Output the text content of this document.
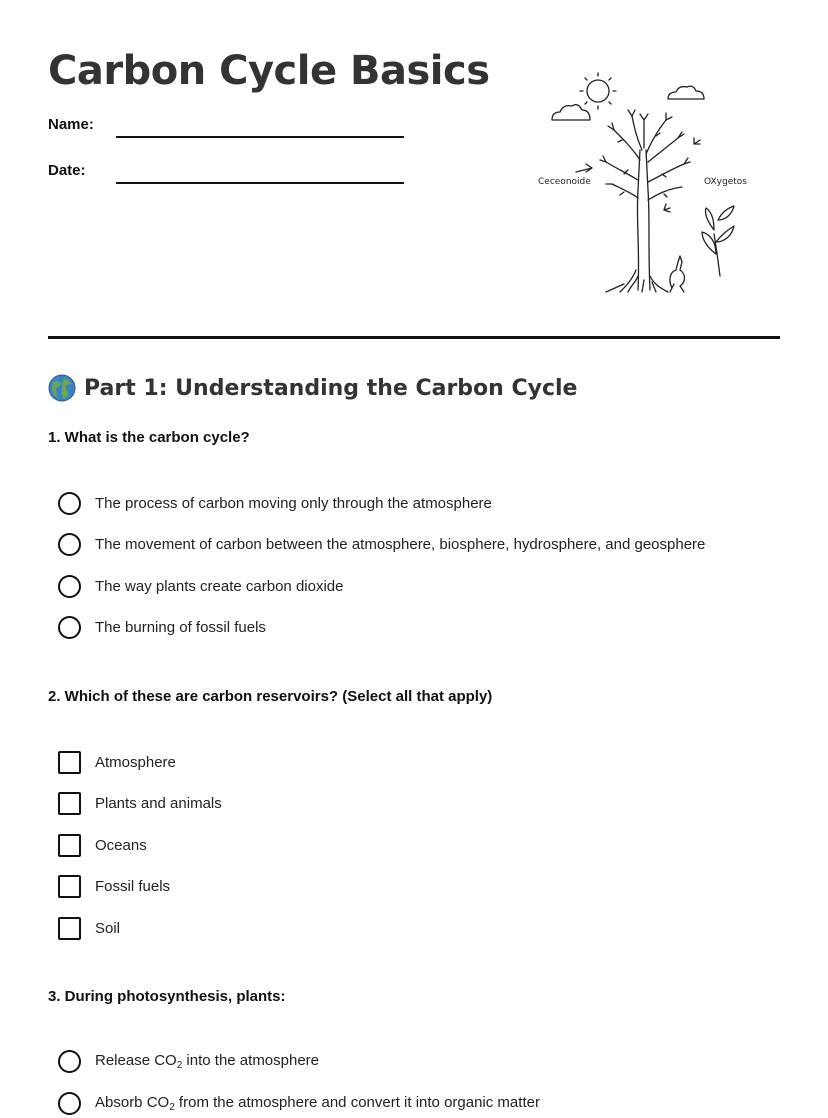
Carbon Cycle Basics
Name:
Date:
Ceceonoide	OXygetos
Part 1: Understanding the Carbon Cycle

1. What is the carbon cycle?

The process of carbon moving only through the atmosphere
The movement of carbon between the atmosphere, biosphere, hydrosphere, and geosphere
The way plants create carbon dioxide
The burning of fossil fuels

2. Which of these are carbon reservoirs? (Select all that apply)

Atmosphere
Plants and animals
Oceans
Fossil fuels
Soil

3. During photosynthesis, plants:

Release $CO_2$ into the atmosphere
Absorb $CO_2$ from the atmosphere and convert it into organic matter
